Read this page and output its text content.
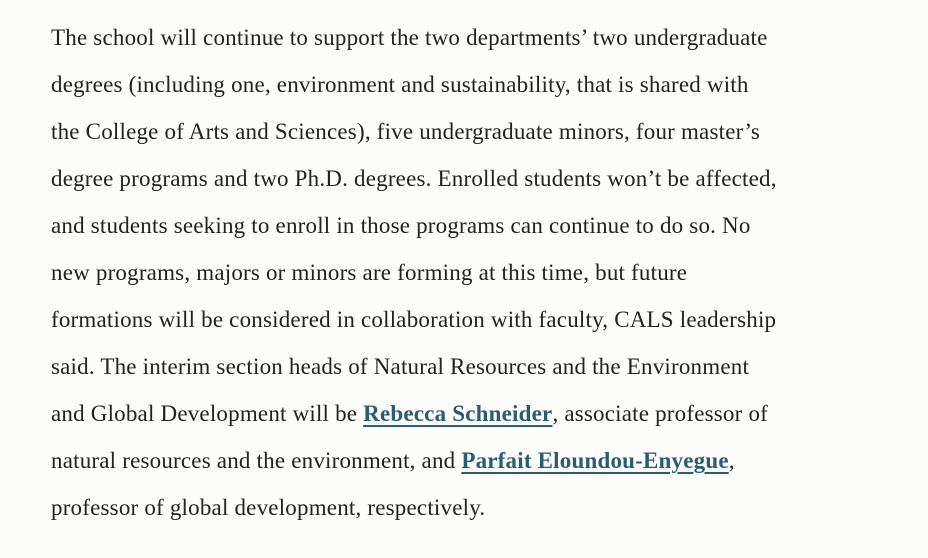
The school will continue to support the two departments’ two undergraduate
degrees (including one, environment and sustainability, that is shared with
the College of Arts and Sciences), five undergraduate minors, four master’s
degree programs and two Ph.D. degrees. Enrolled students won’t be affected,
and students seeking to enroll in those programs can continue to do so. No
new programs, majors or minors are forming at this time, but future
formations will be considered in collaboration with faculty, CALS leadership
said. The interim section heads of Natural Resources and the Environment
and Global Development will be Rebecca Schneider, associate professor of
natural resources and the environment, and Parfait Eloundou-Enyegue,
professor of global development, respectively.
